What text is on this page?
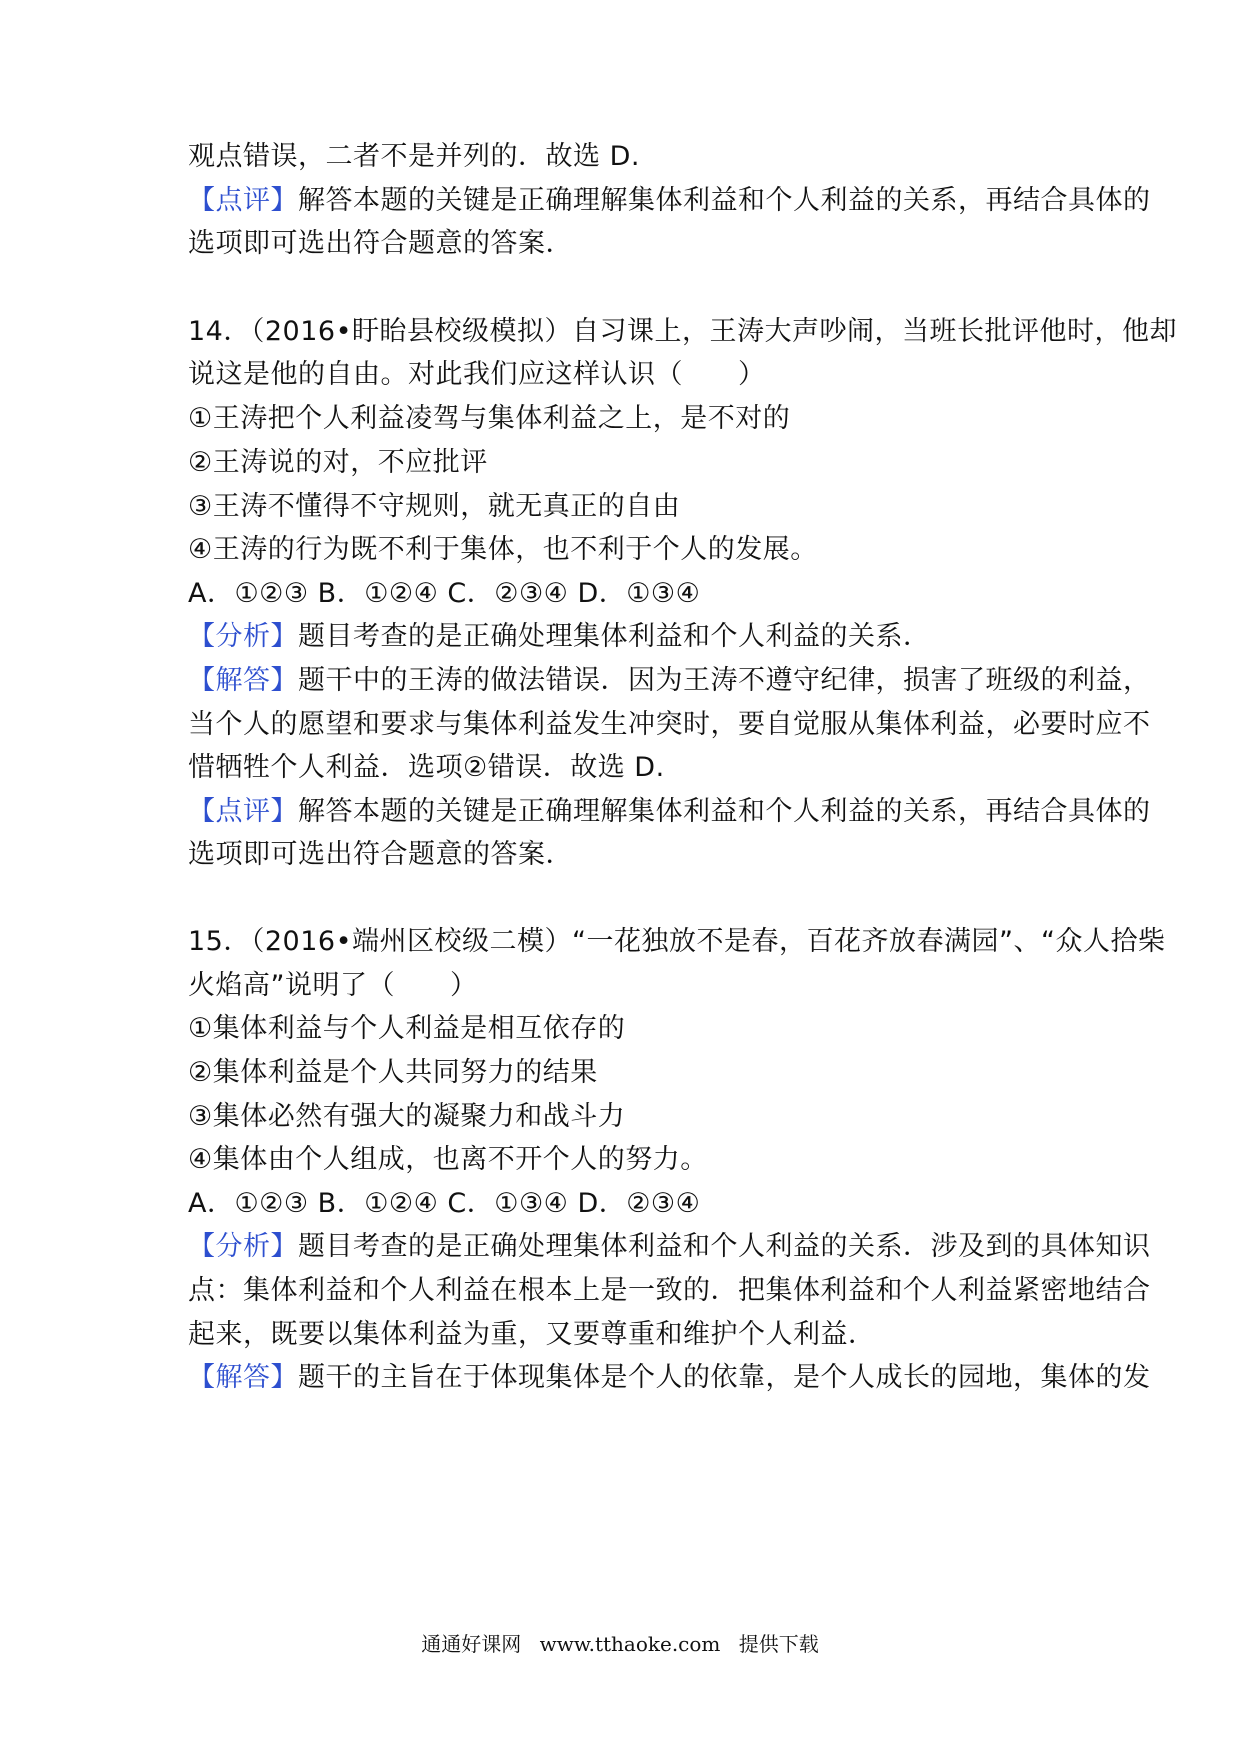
观点错误，二者不是并列的．故选 D.
【点评】解答本题的关键是正确理解集体利益和个人利益的关系，再结合具体的
选项即可选出符合题意的答案．
14．（2016•盱眙县校级模拟）自习课上，王涛大声吵闹，当班长批评他时，他却
说这是他的自由。对此我们应这样认识（　　）
①王涛把个人利益凌驾与集体利益之上，是不对的
②王涛说的对，不应批评
③王涛不懂得不守规则，就无真正的自由
④王涛的行为既不利于集体，也不利于个人的发展。
A．①②③ B．①②④ C．②③④ D．①③④
【分析】题目考查的是正确处理集体利益和个人利益的关系．
【解答】题干中的王涛的做法错误．因为王涛不遵守纪律，损害了班级的利益，
当个人的愿望和要求与集体利益发生冲突时，要自觉服从集体利益，必要时应不
惜牺牲个人利益．选项②错误．故选 D.
【点评】解答本题的关键是正确理解集体利益和个人利益的关系，再结合具体的
选项即可选出符合题意的答案．
15．（2016•端州区校级二模）“一花独放不是春，百花齐放春满园”、“众人拾柴
火焰高”说明了（　　）
①集体利益与个人利益是相互依存的
②集体利益是个人共同努力的结果
③集体必然有强大的凝聚力和战斗力
④集体由个人组成，也离不开个人的努力。
A．①②③ B．①②④ C．①③④ D．②③④
【分析】题目考查的是正确处理集体利益和个人利益的关系．涉及到的具体知识
点：集体利益和个人利益在根本上是一致的．把集体利益和个人利益紧密地结合
起来，既要以集体利益为重，又要尊重和维护个人利益．
【解答】题干的主旨在于体现集体是个人的依靠，是个人成长的园地，集体的发
通通好课网 www.tthaoke.com 提供下载
